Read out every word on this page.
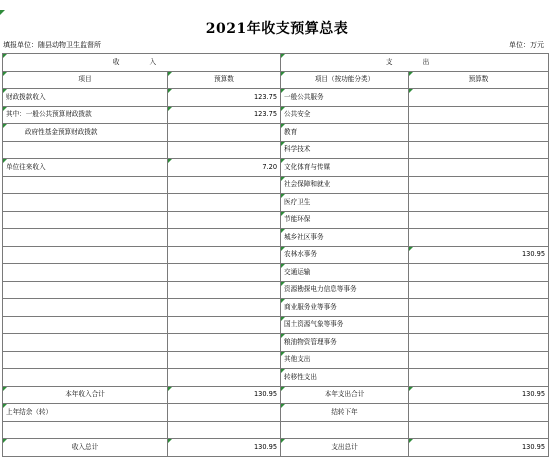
2021年收支预算总表
填报单位：随县动物卫生监督所	单位：万元
收 入		支 出	
项目	预算数	项目（按功能分类）	预算数
财政拨款收入	123.75	一般公共服务	
其中：一般公共预算财政拨款	123.75	公共安全	
政府性基金预算财政拨款		教育	
		科学技术	
单位往来收入	7.20	文化体育与传媒	
		社会保障和就业	
		医疗卫生	
		节能环保	
		城乡社区事务	
		农林水事务	130.95
		交通运输	
		资源勘探电力信息等事务	
		商业服务业等事务	
		国土资源气象等事务	
		粮油物资管理事务	
		其他支出	
		转移性支出	
本年收入合计	130.95	本年支出合计	130.95
上年结余（转）		结转下年	

收入总计	130.95	支出总计	130.95
